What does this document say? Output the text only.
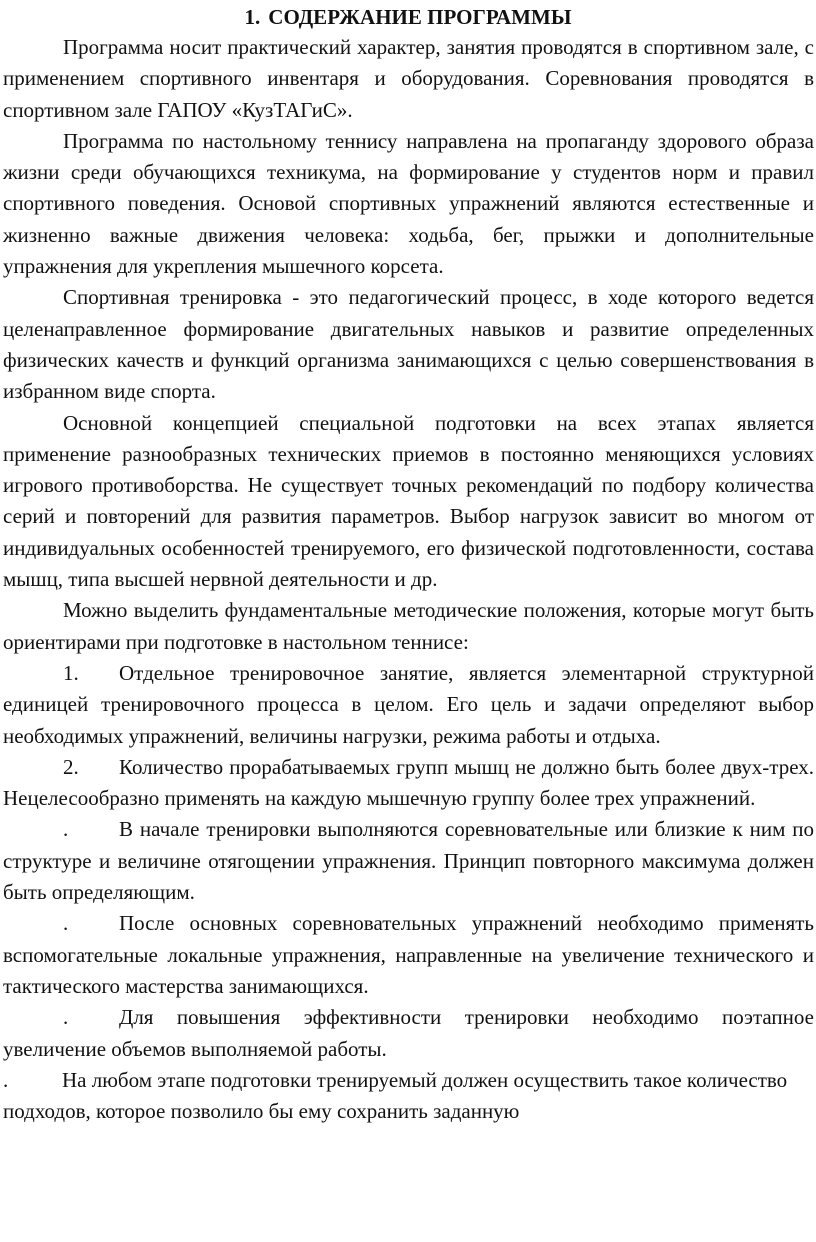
1. СОДЕРЖАНИЕ ПРОГРАММЫ

Программа носит практический характер, занятия проводятся в спортивном зале, с применением спортивного инвентаря и оборудования. Соревнования проводятся в спортивном зале ГАПОУ «КузТАГиС».

Программа по настольному теннису направлена на пропаганду здорового образа жизни среди обучающихся техникума, на формирование у студентов норм и правил спортивного поведения. Основой спортивных упражнений являются естественные и жизненно важные движения человека: ходьба, бег, прыжки и дополнительные упражнения для укрепления мышечного корсета.

Спортивная тренировка - это педагогический процесс, в ходе которого ведется целенаправленное формирование двигательных навыков и развитие определенных физических качеств и функций организма занимающихся с целью совершенствования в избранном виде спорта.

Основной концепцией специальной подготовки на всех этапах является применение разнообразных технических приемов в постоянно меняющихся условиях игрового противоборства. Не существует точных рекомендаций по подбору количества серий и повторений для развития параметров. Выбор нагрузок зависит во многом от индивидуальных особенностей тренируемого, его физической подготовленности, состава мышц, типа высшей нервной деятельности и др.

Можно выделить фундаментальные методические положения, которые могут быть ориентирами при подготовке в настольном теннисе:

1. Отдельное тренировочное занятие, является элементарной структурной единицей тренировочного процесса в целом. Его цель и задачи определяют выбор необходимых упражнений, величины нагрузки, режима работы и отдыха.
2. Количество прорабатываемых групп мышц не должно быть более двух-трех. Нецелесообразно применять на каждую мышечную группу более трех упражнений.
. В начале тренировки выполняются соревновательные или близкие к ним по структуре и величине отягощении упражнения. Принцип повторного максимума должен быть определяющим.
. После основных соревновательных упражнений необходимо применять вспомогательные локальные упражнения, направленные на увеличение технического и тактического мастерства занимающихся.
. Для повышения эффективности тренировки необходимо поэтапное увеличение объемов выполняемой работы.
.	На любом этапе подготовки тренируемый должен осуществить такое количество подходов, которое позволило бы ему сохранить заданную
